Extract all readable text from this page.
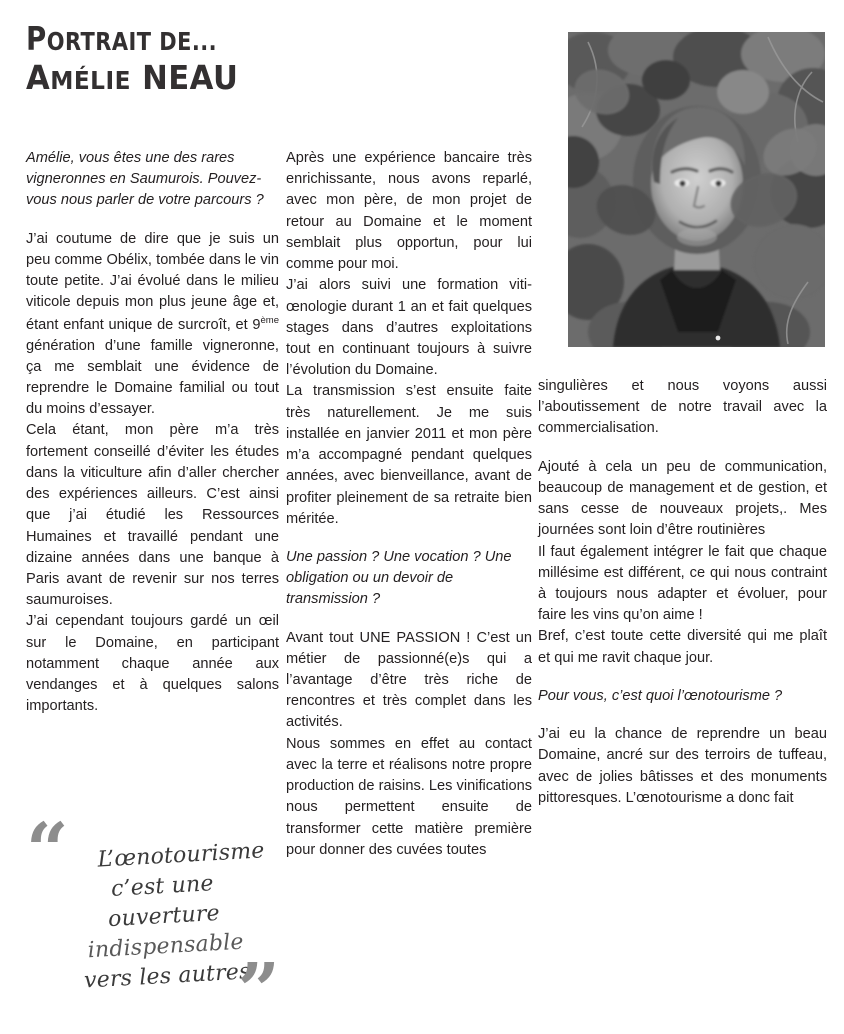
PORTRAIT DE...
AMÉLIE NEAU

Amélie, vous êtes une des rares vigneronnes en Saumurois. Pouvez-vous nous parler de votre parcours ?

J’ai coutume de dire que je suis un peu comme Obélix, tombée dans le vin toute petite. J’ai évolué dans le milieu viticole depuis mon plus jeune âge et, étant enfant unique de surcroît, et 9ème génération d’une famille vigneronne, ça me semblait une évidence de reprendre le Domaine familial ou tout du moins d’essayer.

Cela étant, mon père m’a très fortement conseillé d’éviter les études dans la viticulture afin d’aller chercher des expériences ailleurs. C’est ainsi que j’ai étudié les Ressources Humaines et travaillé pendant une dizaine années dans une banque à Paris avant de revenir sur nos terres saumuroises.

J’ai cependant toujours gardé un œil sur le Domaine, en participant notamment chaque année aux vendanges et à quelques salons importants.

Après une expérience bancaire très enrichissante, nous avons reparlé, avec mon père, de mon projet de retour au Domaine et le moment semblait plus opportun, pour lui comme pour moi.

J’ai alors suivi une formation viti-œnologie durant 1 an et fait quelques stages dans d’autres exploitations tout en continuant toujours à suivre l’évolution du Domaine.

La transmission s’est ensuite faite très naturellement. Je me suis installée en janvier 2011 et mon père m’a accompagné pendant quelques années, avec bienveillance, avant de profiter pleinement de sa retraite bien méritée.

Une passion ? Une vocation ? Une obligation ou un devoir de transmission ?

Avant tout UNE PASSION ! C’est un métier de passionné(e)s qui a l’avantage d’être très riche de rencontres et très complet dans les activités.

Nous sommes en effet au contact avec la terre et réalisons notre propre production de raisins. Les vinifications nous permettent ensuite de transformer cette matière première pour donner des cuvées toutes

singulières et nous voyons aussi l’aboutissement de notre travail avec la commercialisation.

Ajouté à cela un peu de communication, beaucoup de management et de gestion, et sans cesse de nouveaux projets,. Mes journées sont loin d’être routinières

Il faut également intégrer le fait que chaque millésime est différent, ce qui nous contraint à toujours nous adapter et évoluer, pour faire les vins qu’on aime !

Bref, c’est toute cette diversité qui me plaît et qui me ravit chaque jour.

Pour vous, c’est quoi l’œnotourisme ?

J’ai eu la chance de reprendre un beau Domaine, ancré sur des terroirs de tuffeau, avec de jolies bâtisses et des monuments pittoresques. L’œnotourisme a donc fait

“	L’œnotourisme
c’est une ouverture
indispensable
vers les autres
”
